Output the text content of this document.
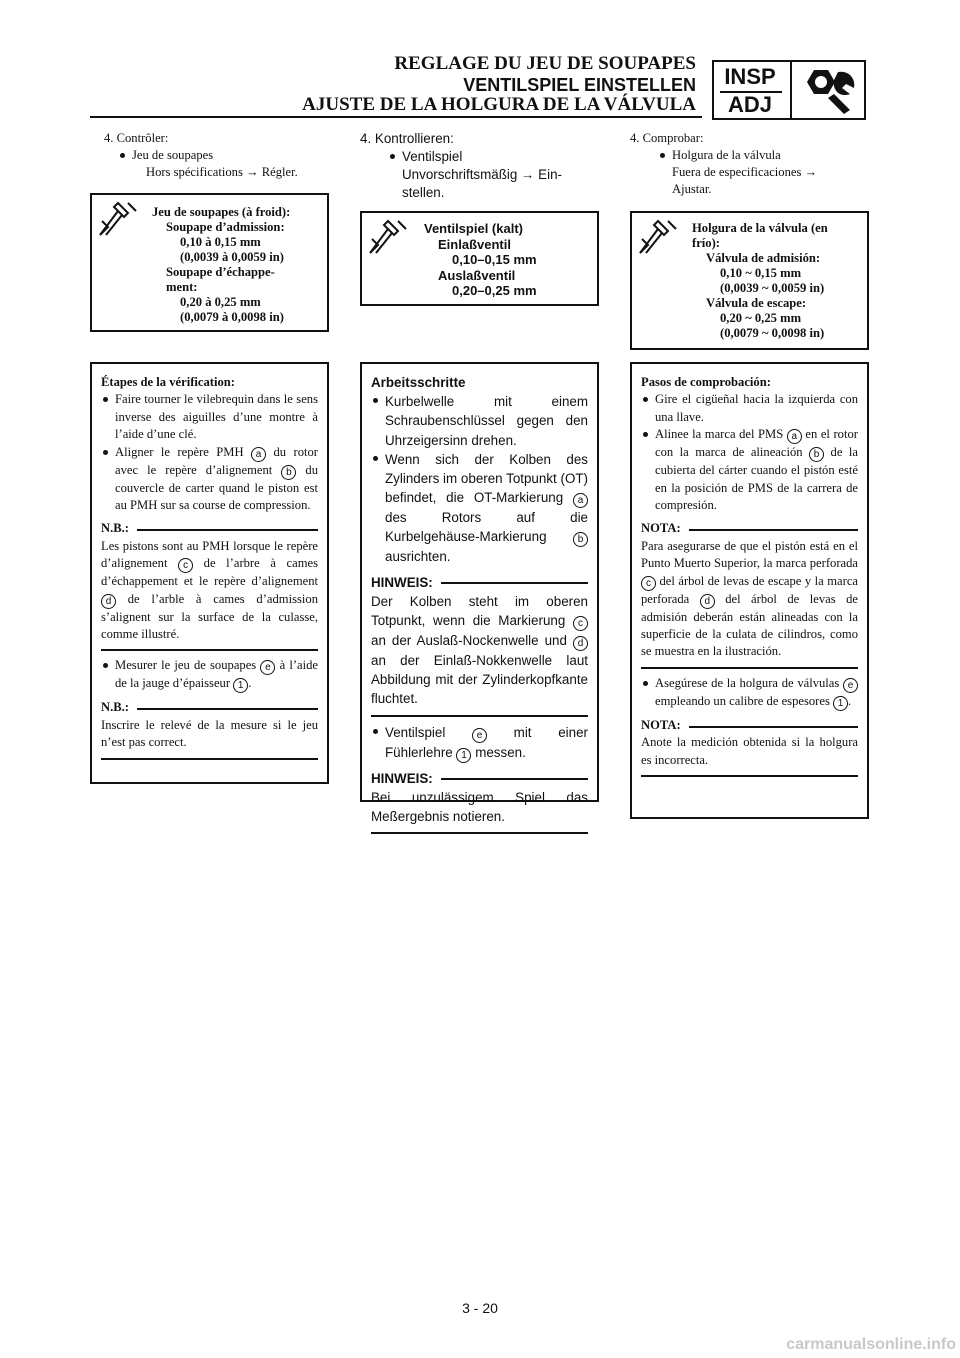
REGLAGE DU JEU DE SOUPAPES
VENTILSPIEL EINSTELLEN
AJUSTE DE LA HOLGURA DE LA VÁLVULA
INSP
ADJ
4. Contrôler:
Jeu de soupapes
Hors spécifications → Régler.
Jeu de soupapes (à froid):
Soupape d’admission:
0,10 à 0,15 mm
(0,0039 à 0,0059 in)
Soupape d’échappe-
ment:
0,20 à 0,25 mm
(0,0079 à 0,0098 in)
Étapes de la vérification:
Faire tourner le vilebrequin dans le sens inverse des aiguilles d’une montre à l’aide d’une clé.
Aligner le repère PMH a du rotor avec le repère d’alignement b du couvercle de carter quand le piston est au PMH sur sa course de compression.
N.B.:
Les pistons sont au PMH lorsque le repère d’alignement c de l’arbre à cames d’échappement et le repère d’alignement d de l’arble à cames d’admission s’alignent sur la surface de la culasse, comme illustré.
Mesurer le jeu de soupapes e à l’aide de la jauge d’épaisseur 1 .
N.B.:
Inscrire le relevé de la mesure si le jeu n’est pas correct.
4. Kontrollieren:
Ventilspiel
Unvorschriftsmäßig → Ein-
stellen.
Ventilspiel (kalt)
Einlaßventil
0,10–0,15 mm
Auslaßventil
0,20–0,25 mm
Arbeitsschritte
Kurbelwelle mit einem Schraubenschlüssel gegen den Uhrzeigersinn drehen.
Wenn sich der Kolben des Zylinders im oberen Totpunkt (OT) befindet, die OT-Markierung a des Rotors auf die Kurbelgehäuse-Markierung	b ausrichten.
HINWEIS:
Der Kolben steht im oberen Totpunkt, wenn die Markierung c an der Auslaß-Nockenwelle und d an der Einlaß-Nokkenwelle laut Abbildung mit der Zylinderkopfkante fluchtet.
Ventilspiel	e mit einer Fühlerlehre 1 messen.
HINWEIS:
Bei unzulässigem Spiel das Meßergebnis notieren.
4. Comprobar:
Holgura de la válvula
Fuera de especificaciones →
Ajustar.
Holgura de la válvula (en
frío):
Válvula de admisión:
0,10 ~ 0,15 mm
(0,0039 ~ 0,0059 in)
Válvula de escape:
0,20 ~ 0,25 mm
(0,0079 ~ 0,0098 in)
Pasos de comprobación:
Gire el cigüeñal hacia la izquierda con una llave.
Alinee la marca del PMS a en el rotor con la marca de alineación b de la cubierta del cárter cuando el pistón esté en la posición de PMS de la carrera de compresión.
NOTA:
Para asegurarse de que el pistón está en el Punto Muerto Superior, la marca perforada c del árbol de levas de escape y la marca perforada d del árbol de levas de admisión deberán están alineadas con la superficie de la culata de cilindros, como se muestra en la ilustración.
Asegúrese de la holgura de válvulas e empleando un calibre de espesores 1 .
NOTA:
Anote la medición obtenida si la holgura es incorrecta.
3 - 20
carmanualsonline.info
